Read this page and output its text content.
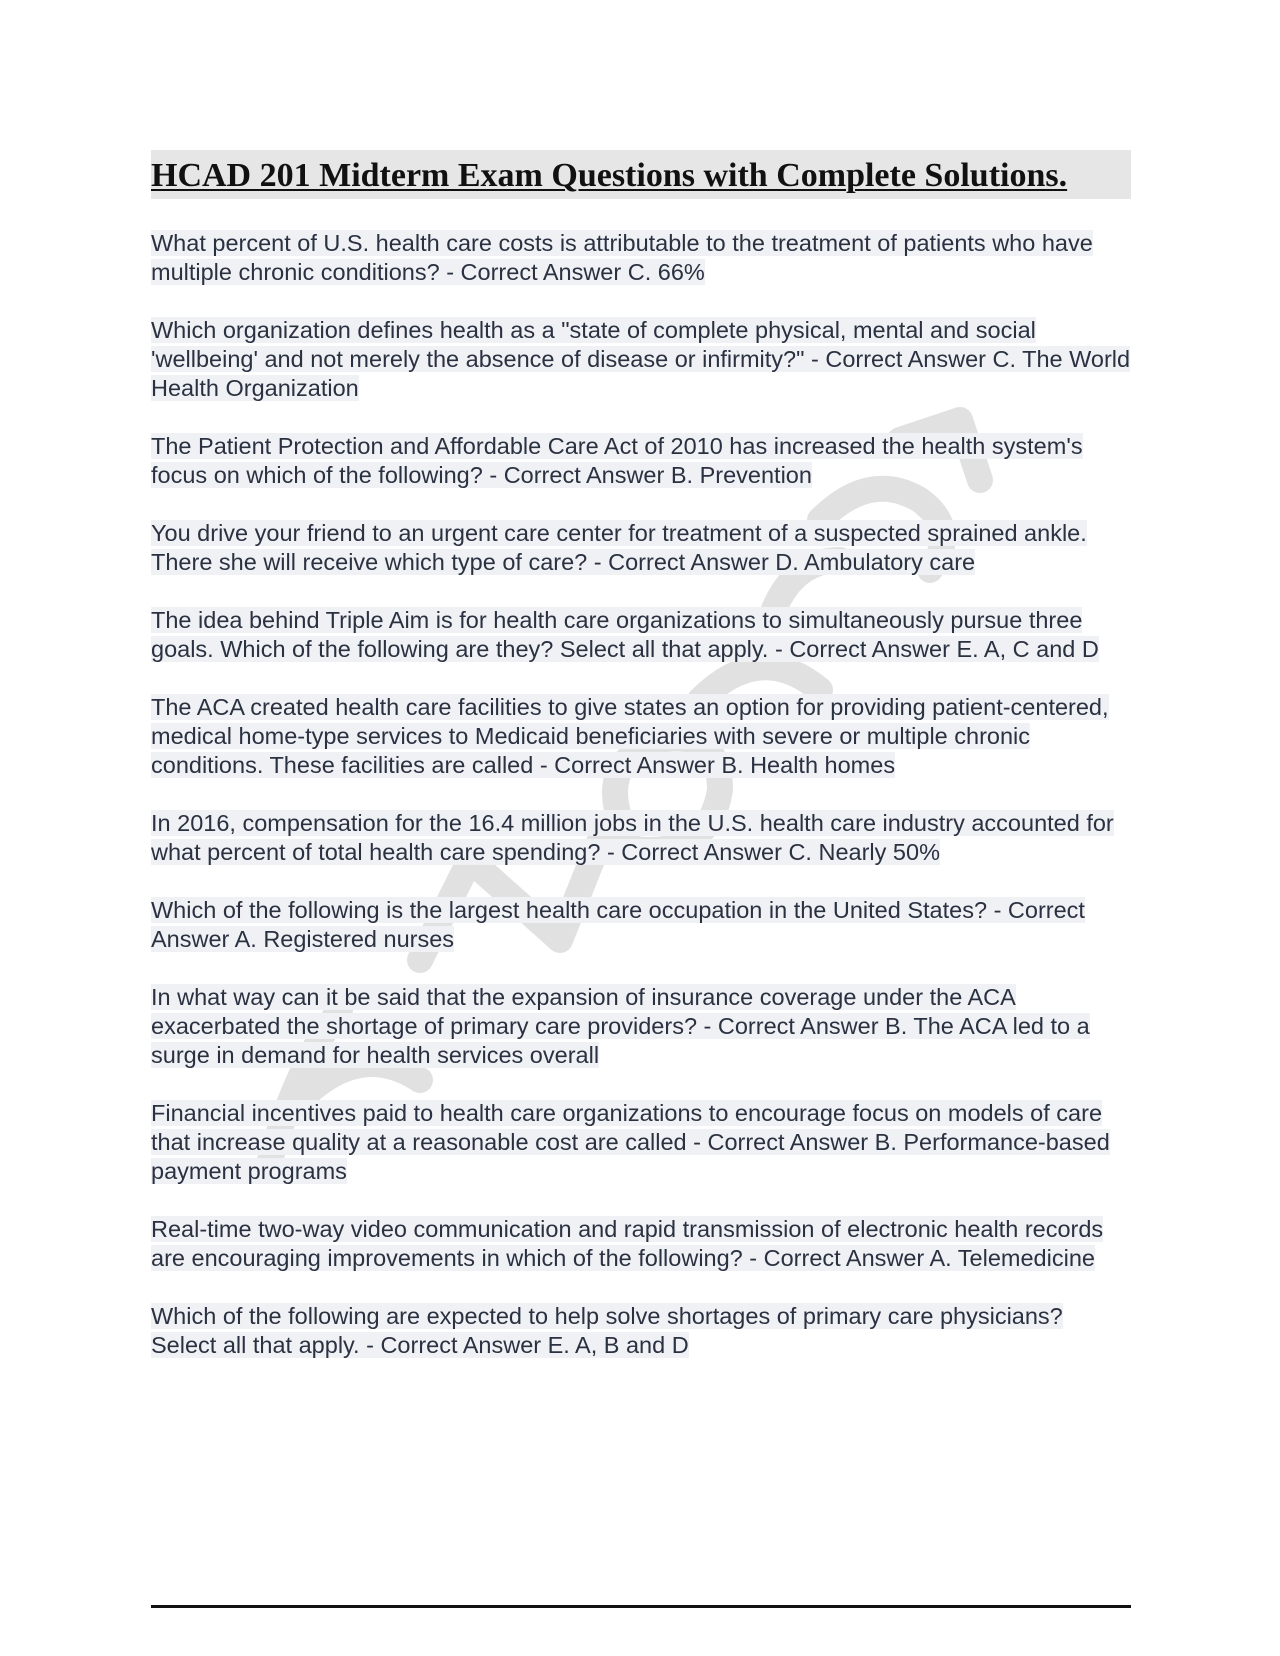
HCAD 201 Midterm Exam Questions with Complete Solutions.

What percent of U.S. health care costs is attributable to the treatment of patients who have multiple chronic conditions? - Correct Answer C. 66%

Which organization defines health as a "state of complete physical, mental and social 'wellbeing' and not merely the absence of disease or infirmity?" - Correct Answer C. The World Health Organization

The Patient Protection and Affordable Care Act of 2010 has increased the health system's focus on which of the following? - Correct Answer B. Prevention

You drive your friend to an urgent care center for treatment of a suspected sprained ankle. There she will receive which type of care? - Correct Answer D. Ambulatory care

The idea behind Triple Aim is for health care organizations to simultaneously pursue three goals. Which of the following are they? Select all that apply. - Correct Answer E. A, C and D

The ACA created health care facilities to give states an option for providing patient-centered, medical home-type services to Medicaid beneficiaries with severe or multiple chronic conditions. These facilities are called - Correct Answer B. Health homes

In 2016, compensation for the 16.4 million jobs in the U.S. health care industry accounted for what percent of total health care spending? - Correct Answer C. Nearly 50%

Which of the following is the largest health care occupation in the United States? - Correct Answer A. Registered nurses

In what way can it be said that the expansion of insurance coverage under the ACA exacerbated the shortage of primary care providers? - Correct Answer B. The ACA led to a surge in demand for health services overall

Financial incentives paid to health care organizations to encourage focus on models of care that increase quality at a reasonable cost are called - Correct Answer B. Performance-based payment programs

Real-time two-way video communication and rapid transmission of electronic health records are encouraging improvements in which of the following? - Correct Answer A. Telemedicine

Which of the following are expected to help solve shortages of primary care physicians? Select all that apply. - Correct Answer E. A, B and D
